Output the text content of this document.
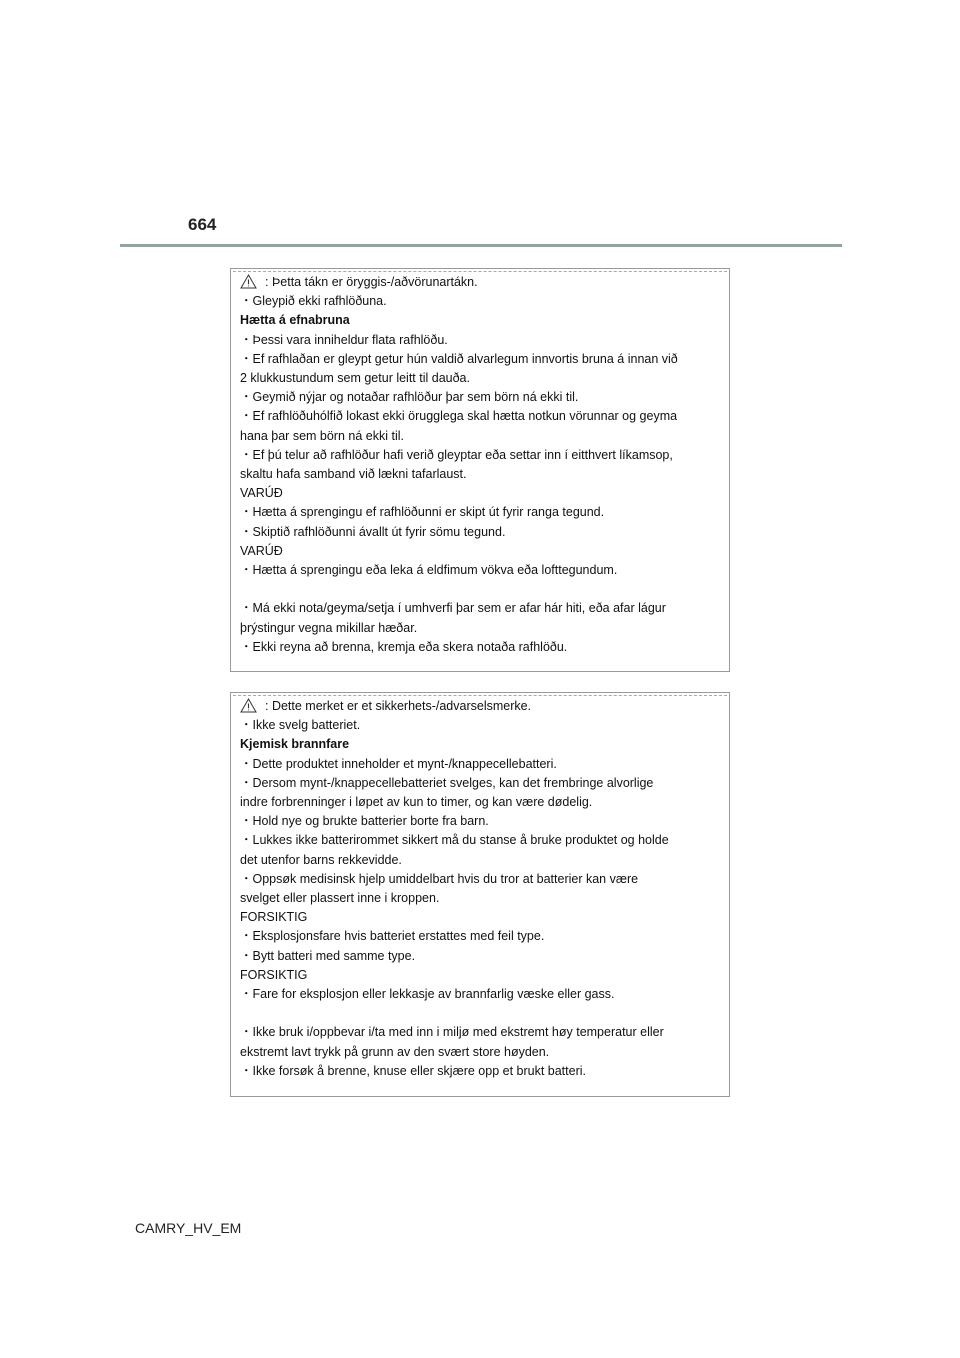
664
: Þetta tákn er öryggis-/aðvörunartákn.
・Gleypið ekki rafhlöðuna.
Hætta á efnabruna
・Þessi vara inniheldur flata rafhlöðu.
・Ef rafhlaðan er gleypt getur hún valdið alvarlegum innvortis bruna á innan við
2 klukkustundum sem getur leitt til dauða.
・Geymið nýjar og notaðar rafhlöður þar sem börn ná ekki til.
・Ef rafhlöðuhólfið lokast ekki örugglega skal hætta notkun vörunnar og geyma
hana þar sem börn ná ekki til.
・Ef þú telur að rafhlöður hafi verið gleyptar eða settar inn í eitthvert líkamsop,
skaltu hafa samband við lækni tafarlaust.
VARÚÐ
・Hætta á sprengingu ef rafhlöðunni er skipt út fyrir ranga tegund.
・Skiptið rafhlöðunni ávallt út fyrir sömu tegund.
VARÚÐ
・Hætta á sprengingu eða leka á eldfimum vökva eða lofttegundum.
・Má ekki nota/geyma/setja í umhverfi þar sem er afar hár hiti, eða afar lágur
þrýstingur vegna mikillar hæðar.
・Ekki reyna að brenna, kremja eða skera notaða rafhlöðu.
: Dette merket er et sikkerhets-/advarselsmerke.
・Ikke svelg batteriet.
Kjemisk brannfare
・Dette produktet inneholder et mynt-/knappecellebatteri.
・Dersom mynt-/knappecellebatteriet svelges, kan det frembringe alvorlige
indre forbrenninger i løpet av kun to timer, og kan være dødelig.
・Hold nye og brukte batterier borte fra barn.
・Lukkes ikke batterirommet sikkert må du stanse å bruke produktet og holde
det utenfor barns rekkevidde.
・Oppsøk medisinsk hjelp umiddelbart hvis du tror at batterier kan være
svelget eller plassert inne i kroppen.
FORSIKTIG
・Eksplosjonsfare hvis batteriet erstattes med feil type.
・Bytt batteri med samme type.
FORSIKTIG
・Fare for eksplosjon eller lekkasje av brannfarlig væske eller gass.
・Ikke bruk i/oppbevar i/ta med inn i miljø med ekstremt høy temperatur eller
ekstremt lavt trykk på grunn av den svært store høyden.
・Ikke forsøk å brenne, knuse eller skjære opp et brukt batteri.
CAMRY_HV_EM
